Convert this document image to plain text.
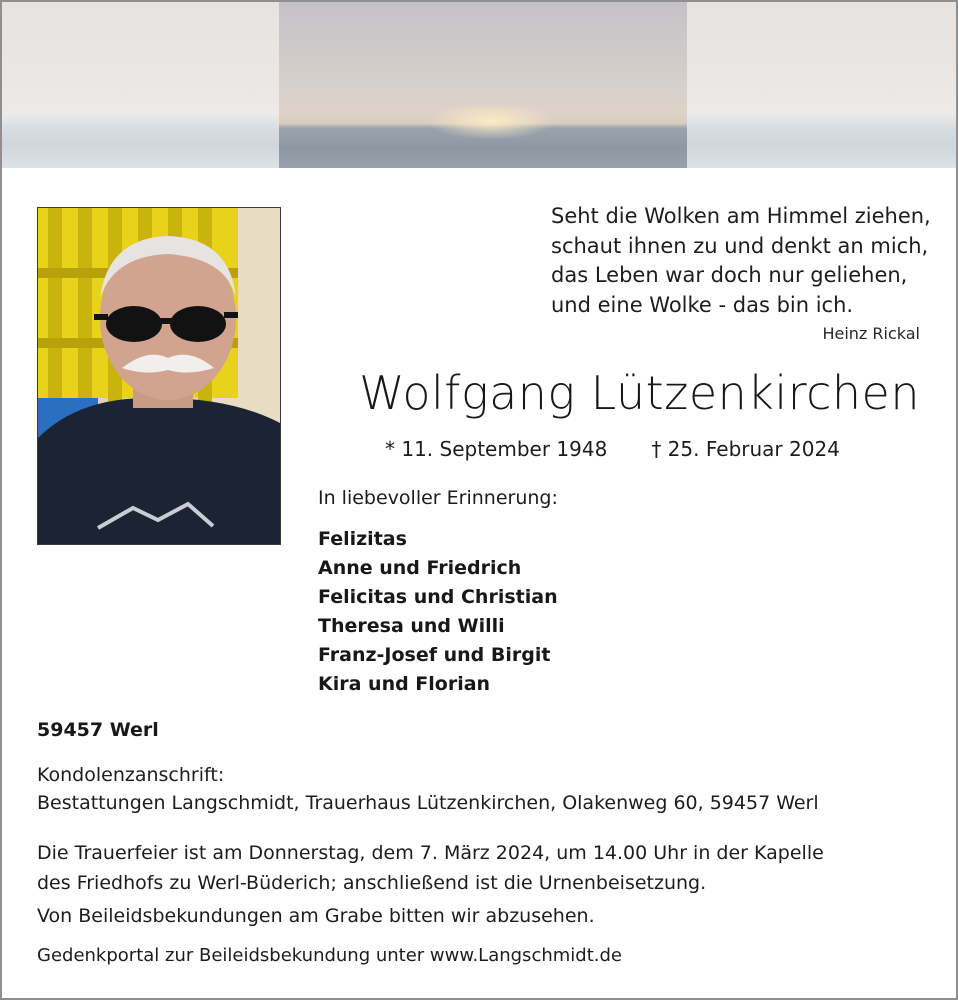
Seht die Wolken am Himmel ziehen,
schaut ihnen zu und denkt an mich,
das Leben war doch nur geliehen,
und eine Wolke - das bin ich.
Heinz Rickal
Wolfgang Lützenkirchen
* 11. September 1948 † 25. Februar 2024
In liebevoller Erinnerung:
Felizitas
Anne und Friedrich
Felicitas und Christian
Theresa und Willi
Franz-Josef und Birgit
Kira und Florian
59457 Werl
Kondolenzanschrift:
Bestattungen Langschmidt, Trauerhaus Lützenkirchen, Olakenweg 60, 59457 Werl
Die Trauerfeier ist am Donnerstag, dem 7. März 2024, um 14.00 Uhr in der Kapelle
des Friedhofs zu Werl-Büderich; anschließend ist die Urnenbeisetzung.
Von Beileidsbekundungen am Grabe bitten wir abzusehen.
Gedenkportal zur Beileidsbekundung unter www.Langschmidt.de
